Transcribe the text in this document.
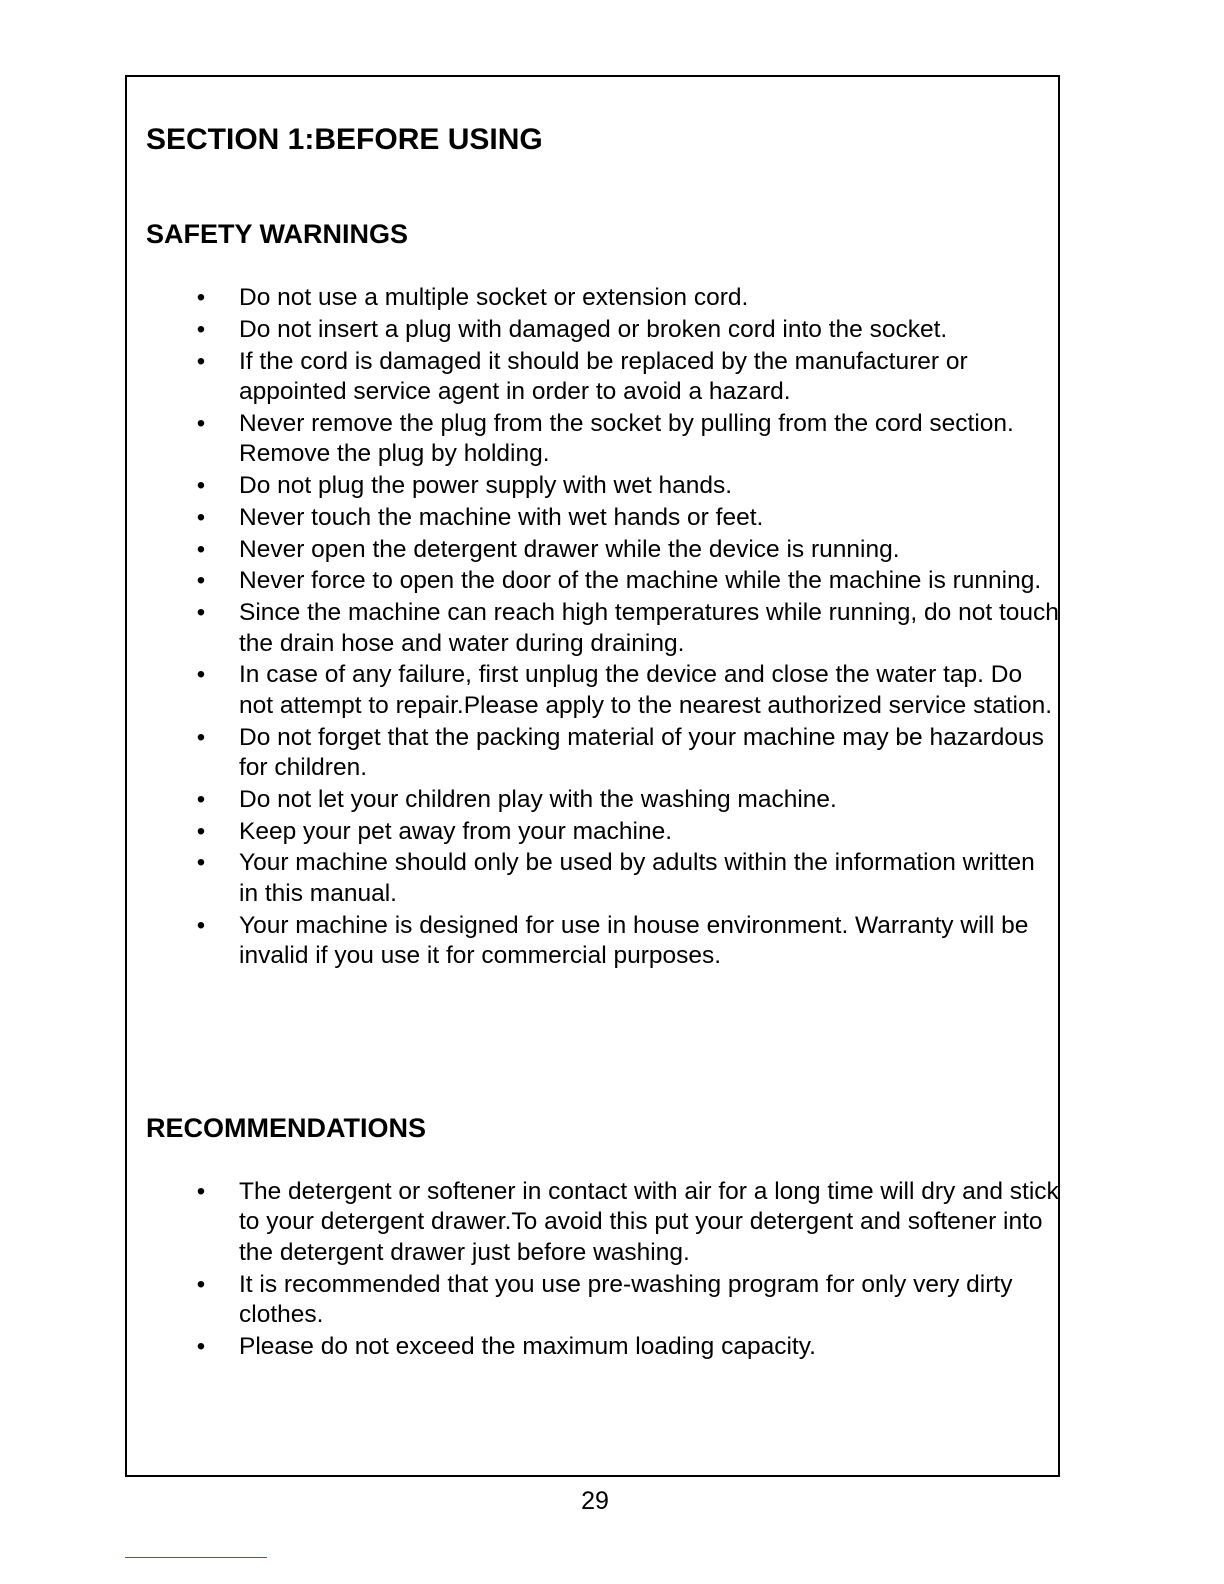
SECTION 1:BEFORE USING
SAFETY WARNINGS
• Do not use a multiple socket or extension cord.
• Do not insert a plug with damaged or broken cord into the socket.
• If the cord is damaged it should be replaced by the manufacturer or appointed service agent in order to avoid a hazard.
• Never remove the plug from the socket by pulling from the cord section. Remove the plug by holding.
• Do not plug the power supply with wet hands.
• Never touch the machine with wet hands or feet.
• Never open the detergent drawer while the device is running.
• Never force to open the door of the machine while the machine is running.
• Since the machine can reach high temperatures while running, do not touch the drain hose and water during draining.
• In case of any failure, first unplug the device and close the water tap. Do not attempt to repair.Please apply to the nearest authorized service station.
• Do not forget that the packing material of your machine may be hazardous for children.
• Do not let your children play with the washing machine.
• Keep your pet away from your machine.
• Your machine should only be used by adults within the information written in this manual.
• Your machine is designed for use in house environment. Warranty will be invalid if you use it for commercial purposes.
RECOMMENDATIONS
• The detergent or softener in contact with air for a long time will dry and stick to your detergent drawer.To avoid this put your detergent and softener into the detergent drawer just before washing.
• It is recommended that you use pre-washing program for only very dirty clothes.
• Please do not exceed the maximum loading capacity.
29
